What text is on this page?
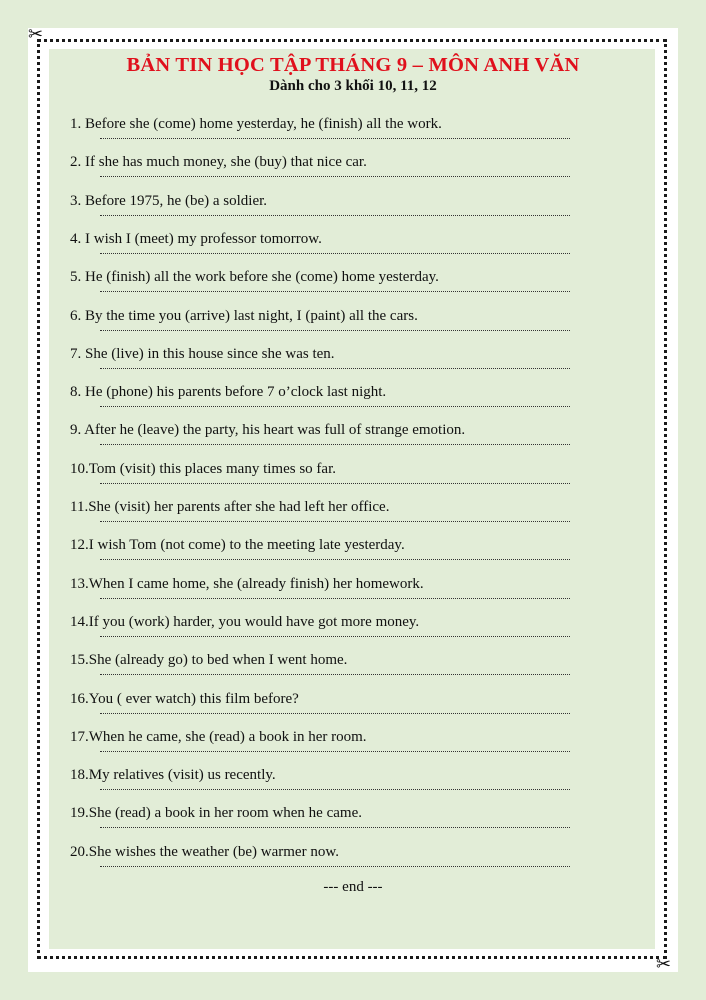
✂
✂
BẢN TIN HỌC TẬP THÁNG 9 – MÔN ANH VĂN
Dành cho 3 khối 10, 11, 12
1. Before she (come) home yesterday, he (finish) all the work.
2. If she has much money, she (buy) that nice car.
3. Before 1975, he (be) a soldier.
4. I wish I (meet) my professor tomorrow.
5. He (finish) all the work before she (come) home yesterday.
6. By the time you (arrive) last night, I (paint) all the cars.
7. She (live) in this house since she was ten.
8. He (phone) his parents before 7 o’clock last night.
9. After he (leave) the party, his heart was full of strange emotion.
10.Tom (visit) this places many times so far.
11.She (visit) her parents after she had left her office.
12.I wish Tom (not come) to the meeting late yesterday.
13.When I came home, she (already finish) her homework.
14.If you (work) harder, you would have got more money.
15.She (already go) to bed when I went home.
16.You ( ever watch) this film before?
17.When he came, she (read) a book in her room.
18.My relatives (visit) us recently.
19.She (read) a book in her room when he came.
20.She wishes the weather (be) warmer now.
--- end ---
